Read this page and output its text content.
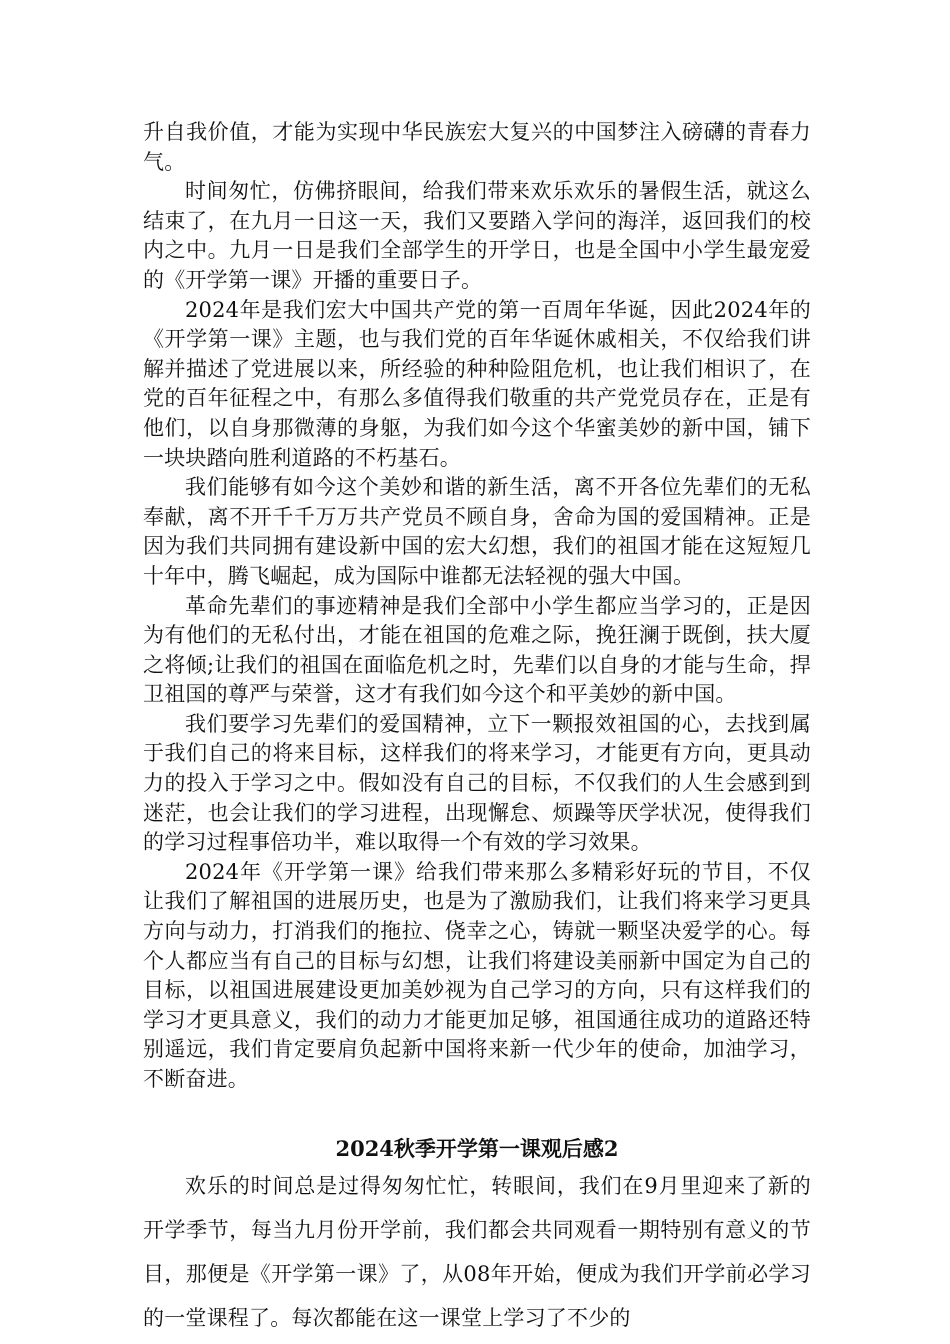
升自我价值，才能为实现中华民族宏大复兴的中国梦注入磅礴的青春力气。

时间匆忙，仿佛挤眼间，给我们带来欢乐欢乐的暑假生活，就这么结束了，在九月一日这一天，我们又要踏入学问的海洋，返回我们的校内之中。九月一日是我们全部学生的开学日，也是全国中小学生最宠爱的《开学第一课》开播的重要日子。

2024年是我们宏大中国共产党的第一百周年华诞，因此2024年的《开学第一课》主题，也与我们党的百年华诞休戚相关，不仅给我们讲解并描述了党进展以来，所经验的种种险阻危机，也让我们相识了，在党的百年征程之中，有那么多值得我们敬重的共产党党员存在，正是有他们，以自身那微薄的身躯，为我们如今这个华蜜美妙的新中国，铺下一块块踏向胜利道路的不朽基石。

我们能够有如今这个美妙和谐的新生活，离不开各位先辈们的无私奉献，离不开千千万万共产党员不顾自身，舍命为国的爱国精神。正是因为我们共同拥有建设新中国的宏大幻想，我们的祖国才能在这短短几十年中，腾飞崛起，成为国际中谁都无法轻视的强大中国。

革命先辈们的事迹精神是我们全部中小学生都应当学习的，正是因为有他们的无私付出，才能在祖国的危难之际，挽狂澜于既倒，扶大厦之将倾;让我们的祖国在面临危机之时，先辈们以自身的才能与生命，捍卫祖国的尊严与荣誉，这才有我们如今这个和平美妙的新中国。

我们要学习先辈们的爱国精神，立下一颗报效祖国的心，去找到属于我们自己的将来目标，这样我们的将来学习，才能更有方向，更具动力的投入于学习之中。假如没有自己的目标，不仅我们的人生会感到到迷茫，也会让我们的学习进程，出现懈怠、烦躁等厌学状况，使得我们的学习过程事倍功半，难以取得一个有效的学习效果。

2024年《开学第一课》给我们带来那么多精彩好玩的节目，不仅让我们了解祖国的进展历史，也是为了激励我们，让我们将来学习更具方向与动力，打消我们的拖拉、侥幸之心，铸就一颗坚决爱学的心。每个人都应当有自己的目标与幻想，让我们将建设美丽新中国定为自己的目标，以祖国进展建设更加美妙视为自己学习的方向，只有这样我们的学习才更具意义，我们的动力才能更加足够，祖国通往成功的道路还特别遥远，我们肯定要肩负起新中国将来新一代少年的使命，加油学习，不断奋进。

2024秋季开学第一课观后感2

欢乐的时间总是过得匆匆忙忙，转眼间，我们在9月里迎来了新的开学季节，每当九月份开学前，我们都会共同观看一期特别有意义的节目，那便是《开学第一课》了，从08年开始，便成为我们开学前必学习的一堂课程了。每次都能在这一课堂上学习了不少的
